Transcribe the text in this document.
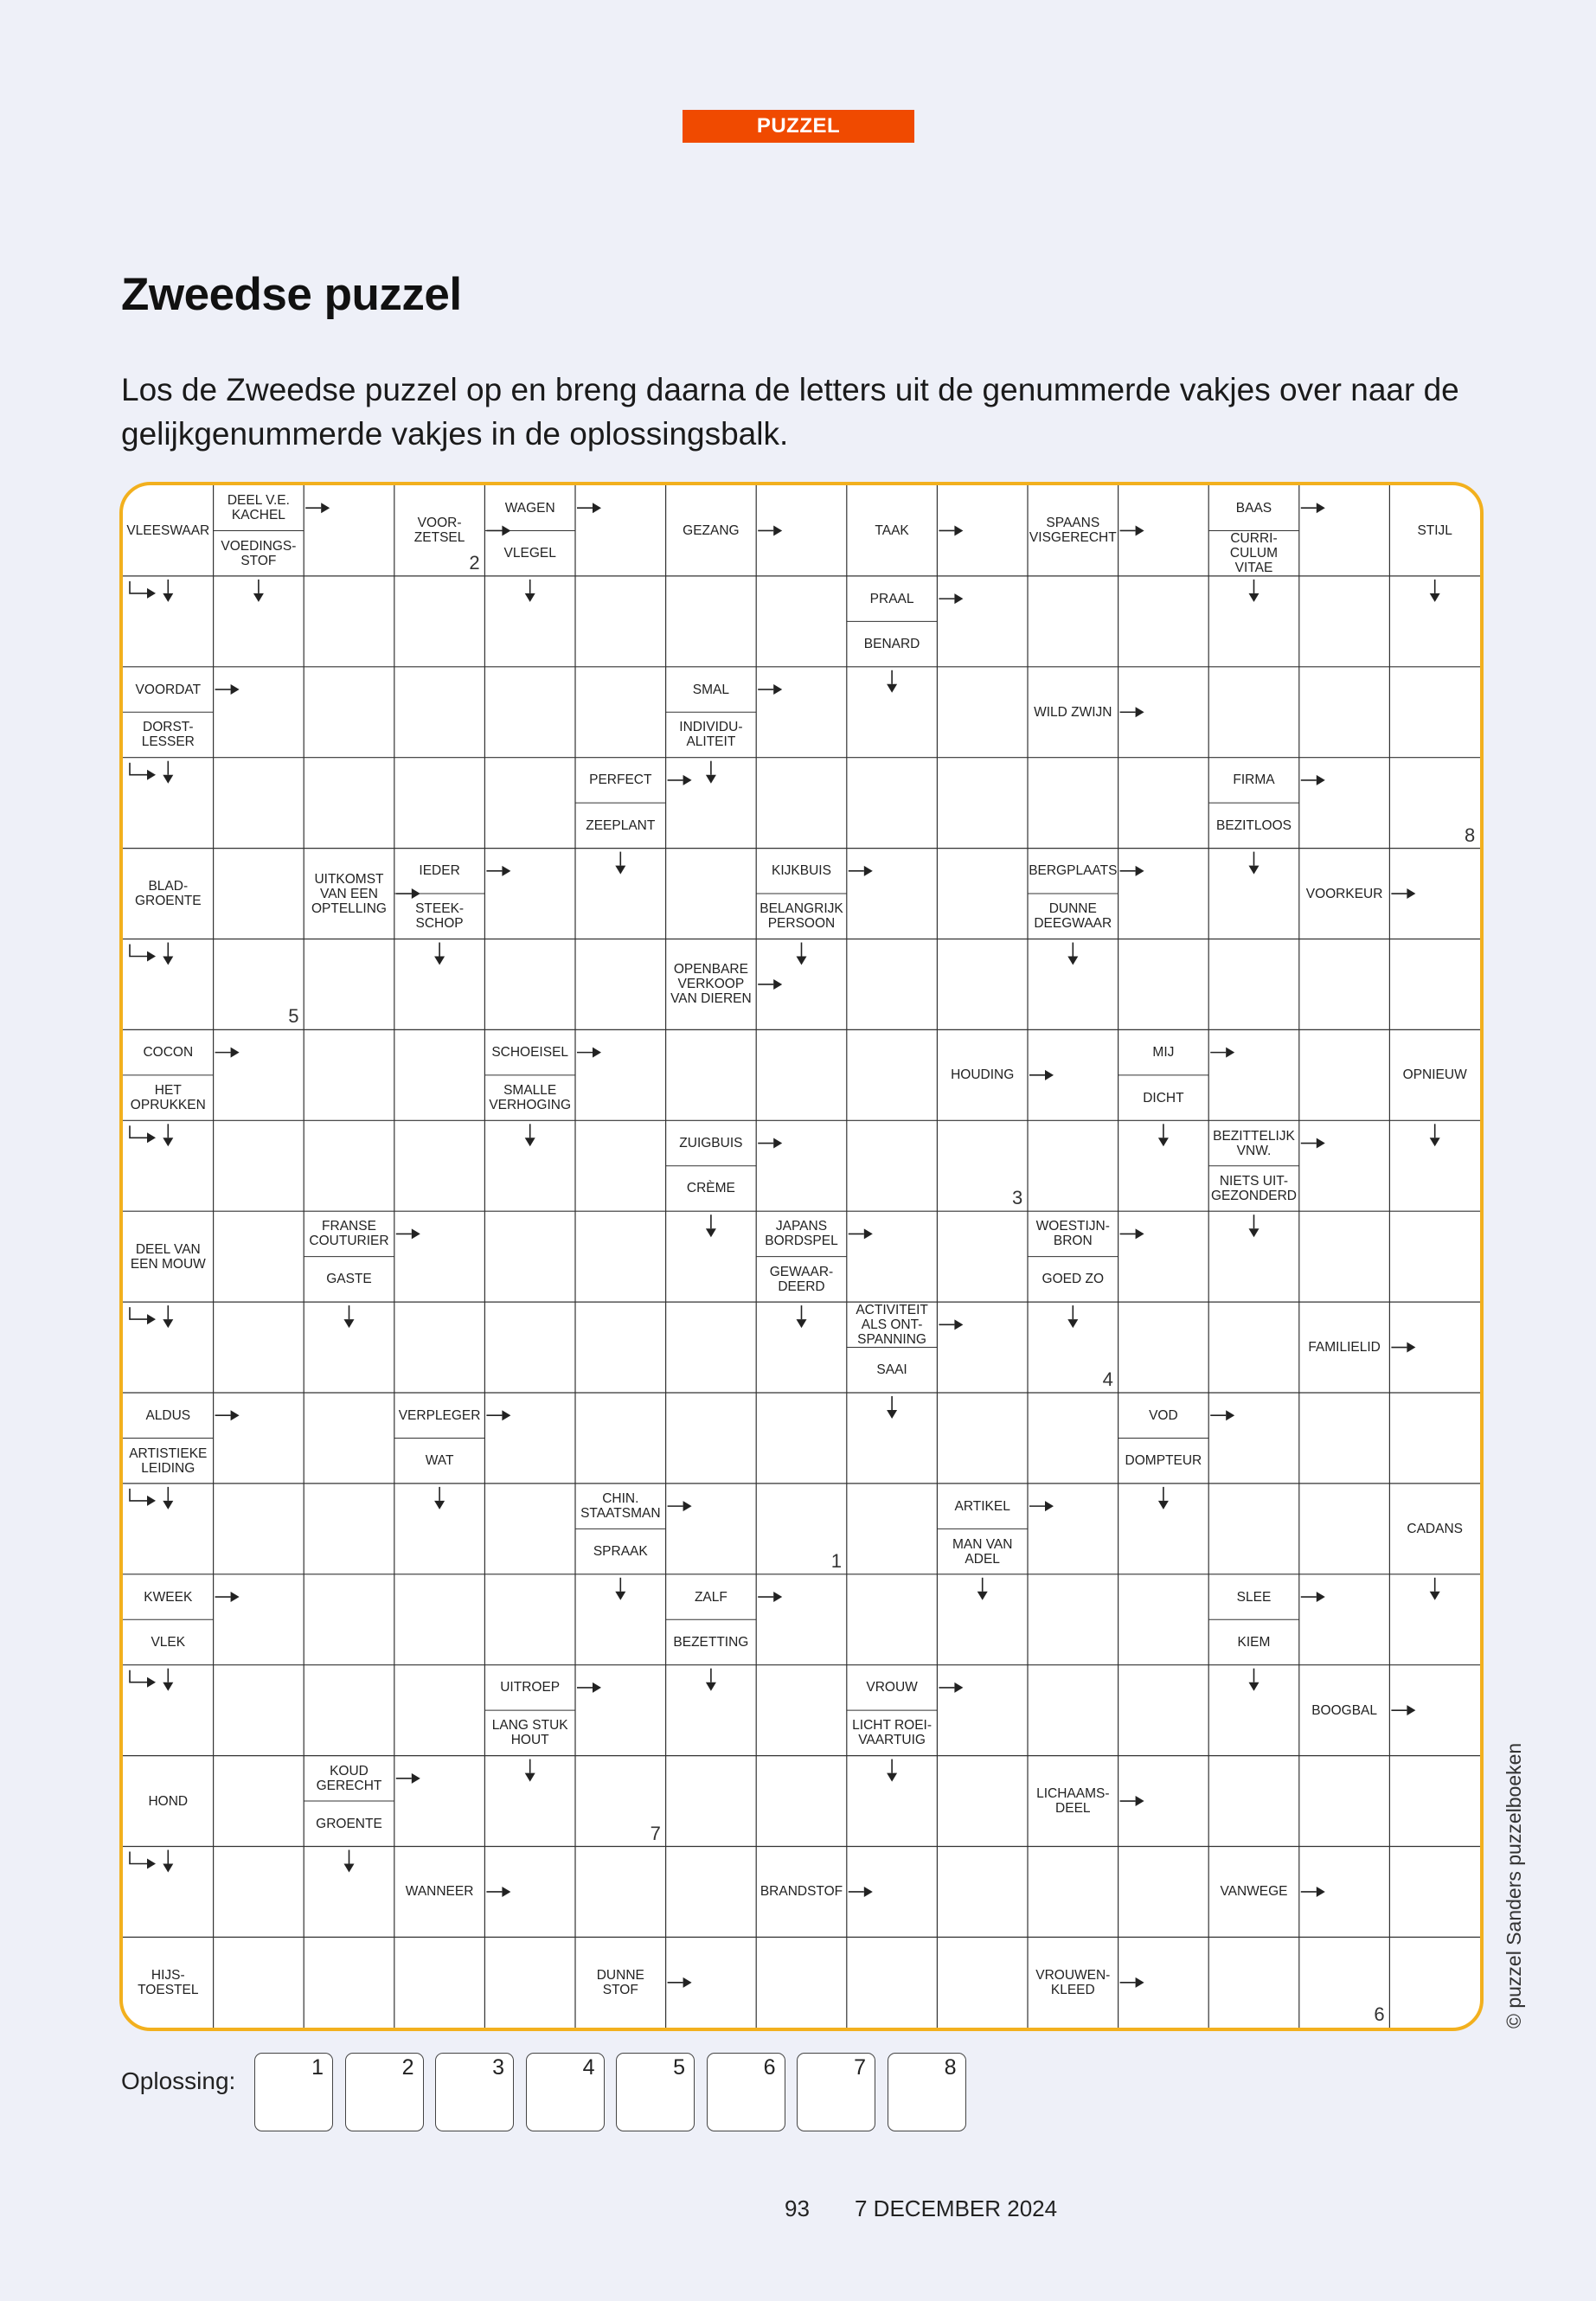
PUZZEL
Zweedse puzzel

Los de Zweedse puzzel op en breng daarna de letters uit de genummerde vakjes over naar de gelijkgenummerde vakjes in de oplossingsbalk.

VLEESWAAR
DEEL V.E.
KACHEL
VOEDINGS-
STOF
VOOR-
ZETSEL
WAGEN
VLEGEL
GEZANG	TAAK	SPAANS
VISGERECHT
BAAS
CURRI-
CULUM
VITAE
STIJL
PRAAL
BENARD
VOORDAT
DORST-
LESSER
SMAL
INDIVIDU-
ALITEIT
WILD ZWIJN
PERFECT
ZEEPLANT
FIRMA
BEZITLOOS
BLAD-
GROENTE
UITKOMST
VAN EEN
OPTELLING
IEDER
STEEK-
SCHOP
KIJKBUIS
BELANGRIJK
PERSOON
BERGPLAATS
DUNNE
DEEGWAAR
VOORKEUR
OPENBARE
VERKOOP
VAN DIEREN
COCON
HET
OPRUKKEN
SCHOEISEL
SMALLE
VERHOGING
HOUDING
MIJ
DICHT
OPNIEUW
ZUIGBUIS
CRÈME
BEZITTELIJK
VNW.
NIETS UIT-
GEZONDERD
DEEL VAN
EEN MOUW
FRANSE
COUTURIER
GASTE
JAPANS
BORDSPEL
GEWAAR-
DEERD
WOESTIJN-
BRON
GOED ZO
ACTIVITEIT
ALS ONT-
SPANNING
SAAI
FAMILIELID
ALDUS
ARTISTIEKE
LEIDING
VERPLEGER
WAT
VOD
DOMPTEUR
CHIN.
STAATSMAN
SPRAAK
ARTIKEL
MAN VAN
ADEL
CADANS
KWEEK
VLEK
ZALF
BEZETTING
SLEE
KIEM
UITROEP
LANG STUK
HOUT
VROUW
LICHT ROEI-
VAARTUIG
BOOGBAL
HOND
KOUD
GERECHT
GROENTE
LICHAAMS-
DEEL
WANNEER	BRANDSTOF	VANWEGE
HIJS-
TOESTEL
DUNNE
STOF
VROUWEN-
KLEED
2
8
5
3
4
1
7
6	© puzzel Sanders puzzelboeken
Oplossing:	1	2	3	4	5	6	7	8
93 7 DECEMBER 2024
